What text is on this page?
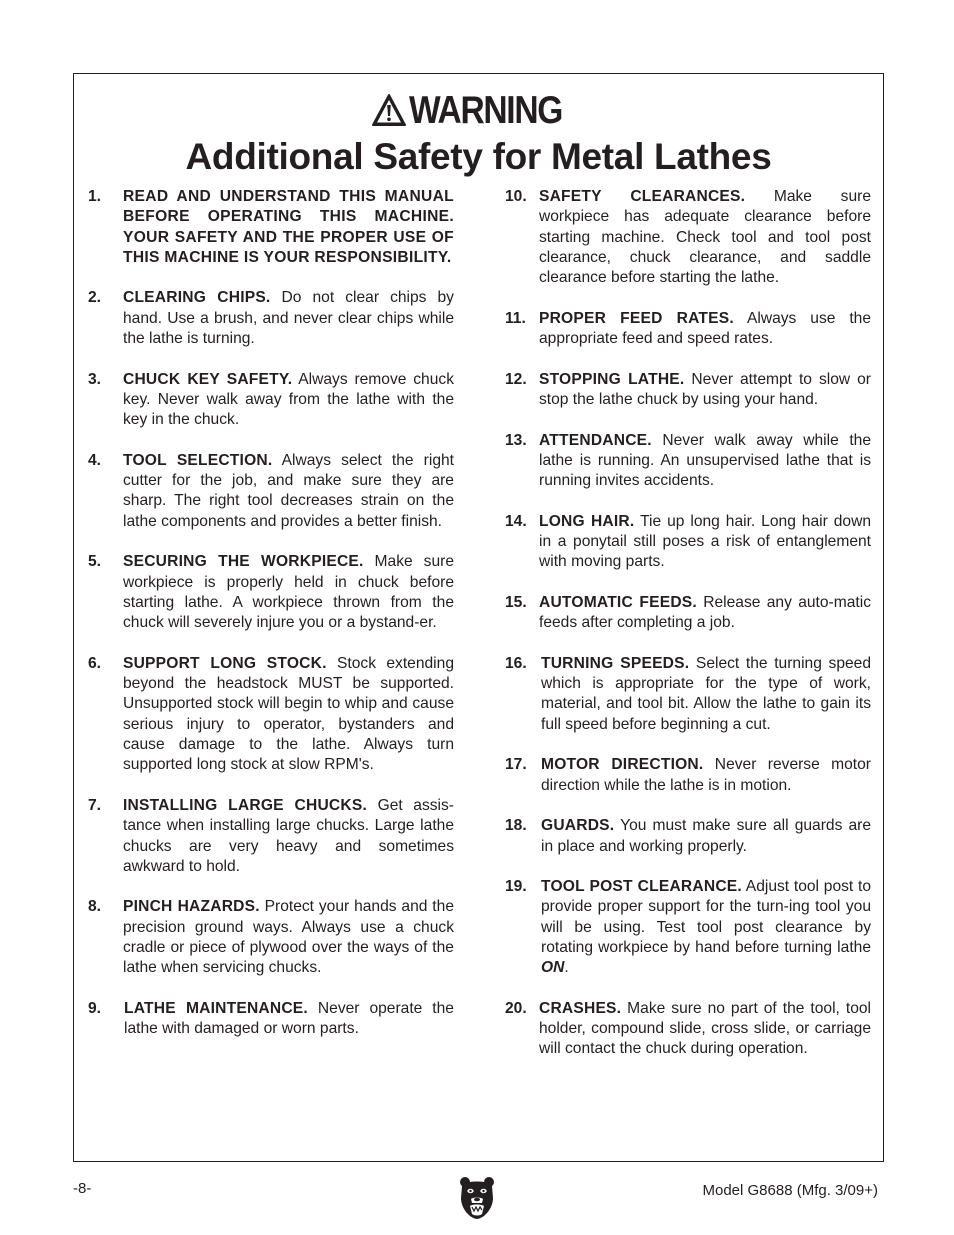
WARNING
Additional Safety for Metal Lathes
1.	READ AND UNDERSTAND THIS MANUAL BEFORE OPERATING THIS MACHINE. YOUR SAFETY AND THE PROPER USE OF THIS MACHINE IS YOUR RESPONSIBILITY.
2.	CLEARING CHIPS. Do not clear chips by hand. Use a brush, and never clear chips while the lathe is turning.
3.	CHUCK KEY SAFETY. Always remove chuck key. Never walk away from the lathe with the key in the chuck.
4.	TOOL SELECTION. Always select the right cutter for the job, and make sure they are sharp. The right tool decreases strain on the lathe components and provides a better finish.
5.	SECURING THE WORKPIECE. Make sure workpiece is properly held in chuck before starting lathe. A workpiece thrown from the chuck will severely injure you or a bystand-er.
6.	SUPPORT LONG STOCK. Stock extending beyond the headstock MUST be supported. Unsupported stock will begin to whip and cause serious injury to operator, bystanders and cause damage to the lathe. Always turn supported long stock at slow RPM's.
7.	INSTALLING LARGE CHUCKS. Get assis-tance when installing large chucks. Large lathe chucks are very heavy and sometimes awkward to hold.
8.	PINCH HAZARDS. Protect your hands and the precision ground ways. Always use a chuck cradle or piece of plywood over the ways of the lathe when servicing chucks.
9.	LATHE MAINTENANCE. Never operate the lathe with damaged or worn parts.
10. SAFETY CLEARANCES. Make sure workpiece has adequate clearance before starting machine. Check tool and tool post clearance, chuck clearance, and saddle clearance before starting the lathe.
11. PROPER FEED RATES. Always use the appropriate feed and speed rates.
12. STOPPING LATHE. Never attempt to slow or stop the lathe chuck by using your hand.
13. ATTENDANCE. Never walk away while the lathe is running. An unsupervised lathe that is running invites accidents.
14. LONG HAIR. Tie up long hair. Long hair down in a ponytail still poses a risk of entanglement with moving parts.
15. AUTOMATIC FEEDS. Release any auto-matic feeds after completing a job.
16. TURNING SPEEDS. Select the turning speed which is appropriate for the type of work, material, and tool bit. Allow the lathe to gain its full speed before beginning a cut.
17. MOTOR DIRECTION. Never reverse motor direction while the lathe is in motion.
18. GUARDS. You must make sure all guards are in place and working properly.
19. TOOL POST CLEARANCE. Adjust tool post to provide proper support for the turn-ing tool you will be using. Test tool post clearance by rotating workpiece by hand before turning lathe ON.
20. CRASHES. Make sure no part of the tool, tool holder, compound slide, cross slide, or carriage will contact the chuck during operation.
-8-	Model G8688 (Mfg. 3/09+)
